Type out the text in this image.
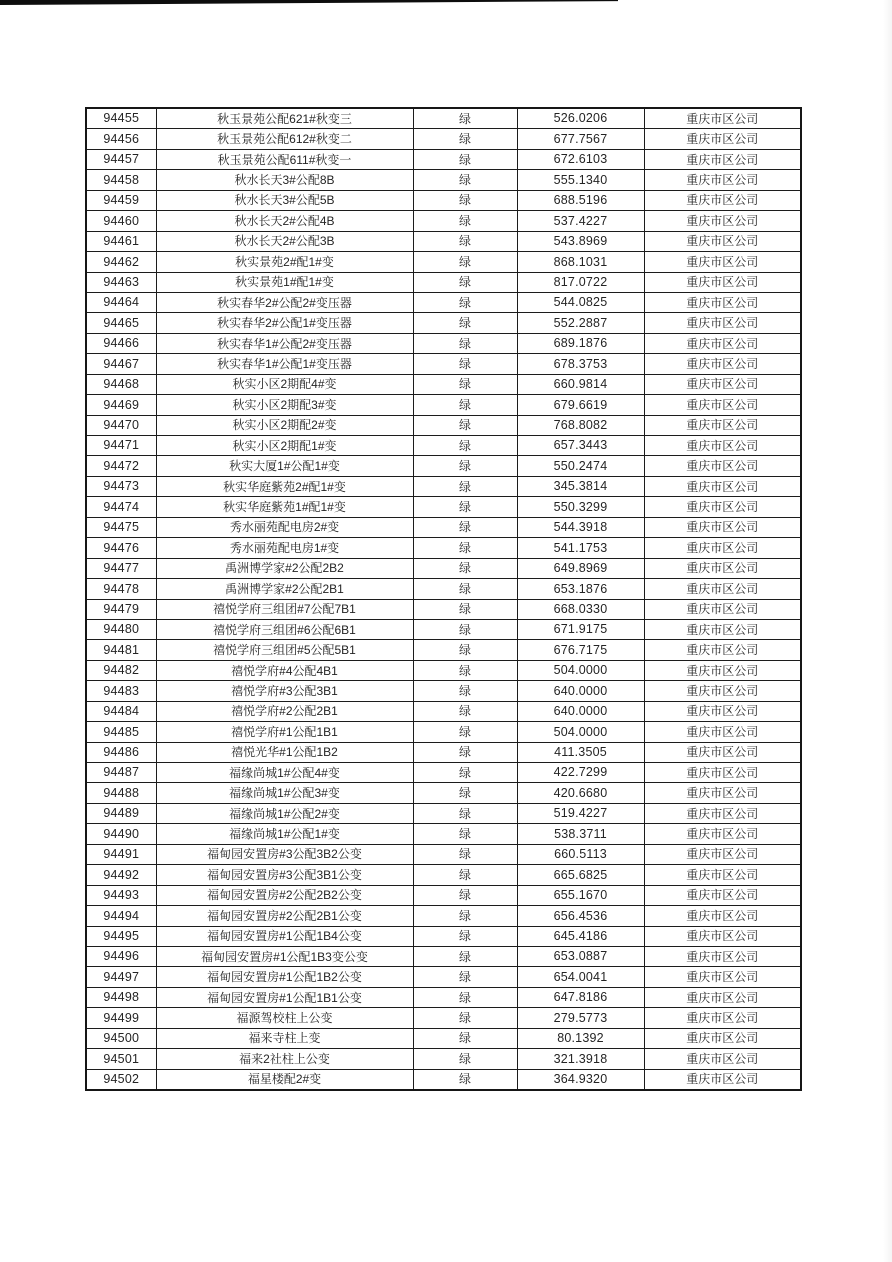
94455	秋玉景苑公配621#秋变三	绿	526.0206	重庆市区公司
94456	秋玉景苑公配612#秋变二	绿	677.7567	重庆市区公司
94457	秋玉景苑公配611#秋变一	绿	672.6103	重庆市区公司
94458	秋水长天3#公配8B	绿	555.1340	重庆市区公司
94459	秋水长天3#公配5B	绿	688.5196	重庆市区公司
94460	秋水长天2#公配4B	绿	537.4227	重庆市区公司
94461	秋水长天2#公配3B	绿	543.8969	重庆市区公司
94462	秋实景苑2#配1#变	绿	868.1031	重庆市区公司
94463	秋实景苑1#配1#变	绿	817.0722	重庆市区公司
94464	秋实春华2#公配2#变压器	绿	544.0825	重庆市区公司
94465	秋实春华2#公配1#变压器	绿	552.2887	重庆市区公司
94466	秋实春华1#公配2#变压器	绿	689.1876	重庆市区公司
94467	秋实春华1#公配1#变压器	绿	678.3753	重庆市区公司
94468	秋实小区2期配4#变	绿	660.9814	重庆市区公司
94469	秋实小区2期配3#变	绿	679.6619	重庆市区公司
94470	秋实小区2期配2#变	绿	768.8082	重庆市区公司
94471	秋实小区2期配1#变	绿	657.3443	重庆市区公司
94472	秋实大厦1#公配1#变	绿	550.2474	重庆市区公司
94473	秋实华庭紫苑2#配1#变	绿	345.3814	重庆市区公司
94474	秋实华庭紫苑1#配1#变	绿	550.3299	重庆市区公司
94475	秀水丽苑配电房2#变	绿	544.3918	重庆市区公司
94476	秀水丽苑配电房1#变	绿	541.1753	重庆市区公司
94477	禹洲博学家#2公配2B2	绿	649.8969	重庆市区公司
94478	禹洲博学家#2公配2B1	绿	653.1876	重庆市区公司
94479	禧悦学府三组团#7公配7B1	绿	668.0330	重庆市区公司
94480	禧悦学府三组团#6公配6B1	绿	671.9175	重庆市区公司
94481	禧悦学府三组团#5公配5B1	绿	676.7175	重庆市区公司
94482	禧悦学府#4公配4B1	绿	504.0000	重庆市区公司
94483	禧悦学府#3公配3B1	绿	640.0000	重庆市区公司
94484	禧悦学府#2公配2B1	绿	640.0000	重庆市区公司
94485	禧悦学府#1公配1B1	绿	504.0000	重庆市区公司
94486	禧悦光华#1公配1B2	绿	411.3505	重庆市区公司
94487	福缘尚城1#公配4#变	绿	422.7299	重庆市区公司
94488	福缘尚城1#公配3#变	绿	420.6680	重庆市区公司
94489	福缘尚城1#公配2#变	绿	519.4227	重庆市区公司
94490	福缘尚城1#公配1#变	绿	538.3711	重庆市区公司
94491	福甸园安置房#3公配3B2公变	绿	660.5113	重庆市区公司
94492	福甸园安置房#3公配3B1公变	绿	665.6825	重庆市区公司
94493	福甸园安置房#2公配2B2公变	绿	655.1670	重庆市区公司
94494	福甸园安置房#2公配2B1公变	绿	656.4536	重庆市区公司
94495	福甸园安置房#1公配1B4公变	绿	645.4186	重庆市区公司
94496	福甸园安置房#1公配1B3变公变	绿	653.0887	重庆市区公司
94497	福甸园安置房#1公配1B2公变	绿	654.0041	重庆市区公司
94498	福甸园安置房#1公配1B1公变	绿	647.8186	重庆市区公司
94499	福源驾校柱上公变	绿	279.5773	重庆市区公司
94500	福来寺柱上变	绿	80.1392	重庆市区公司
94501	福来2社柱上公变	绿	321.3918	重庆市区公司
94502	福星楼配2#变	绿	364.9320	重庆市区公司
